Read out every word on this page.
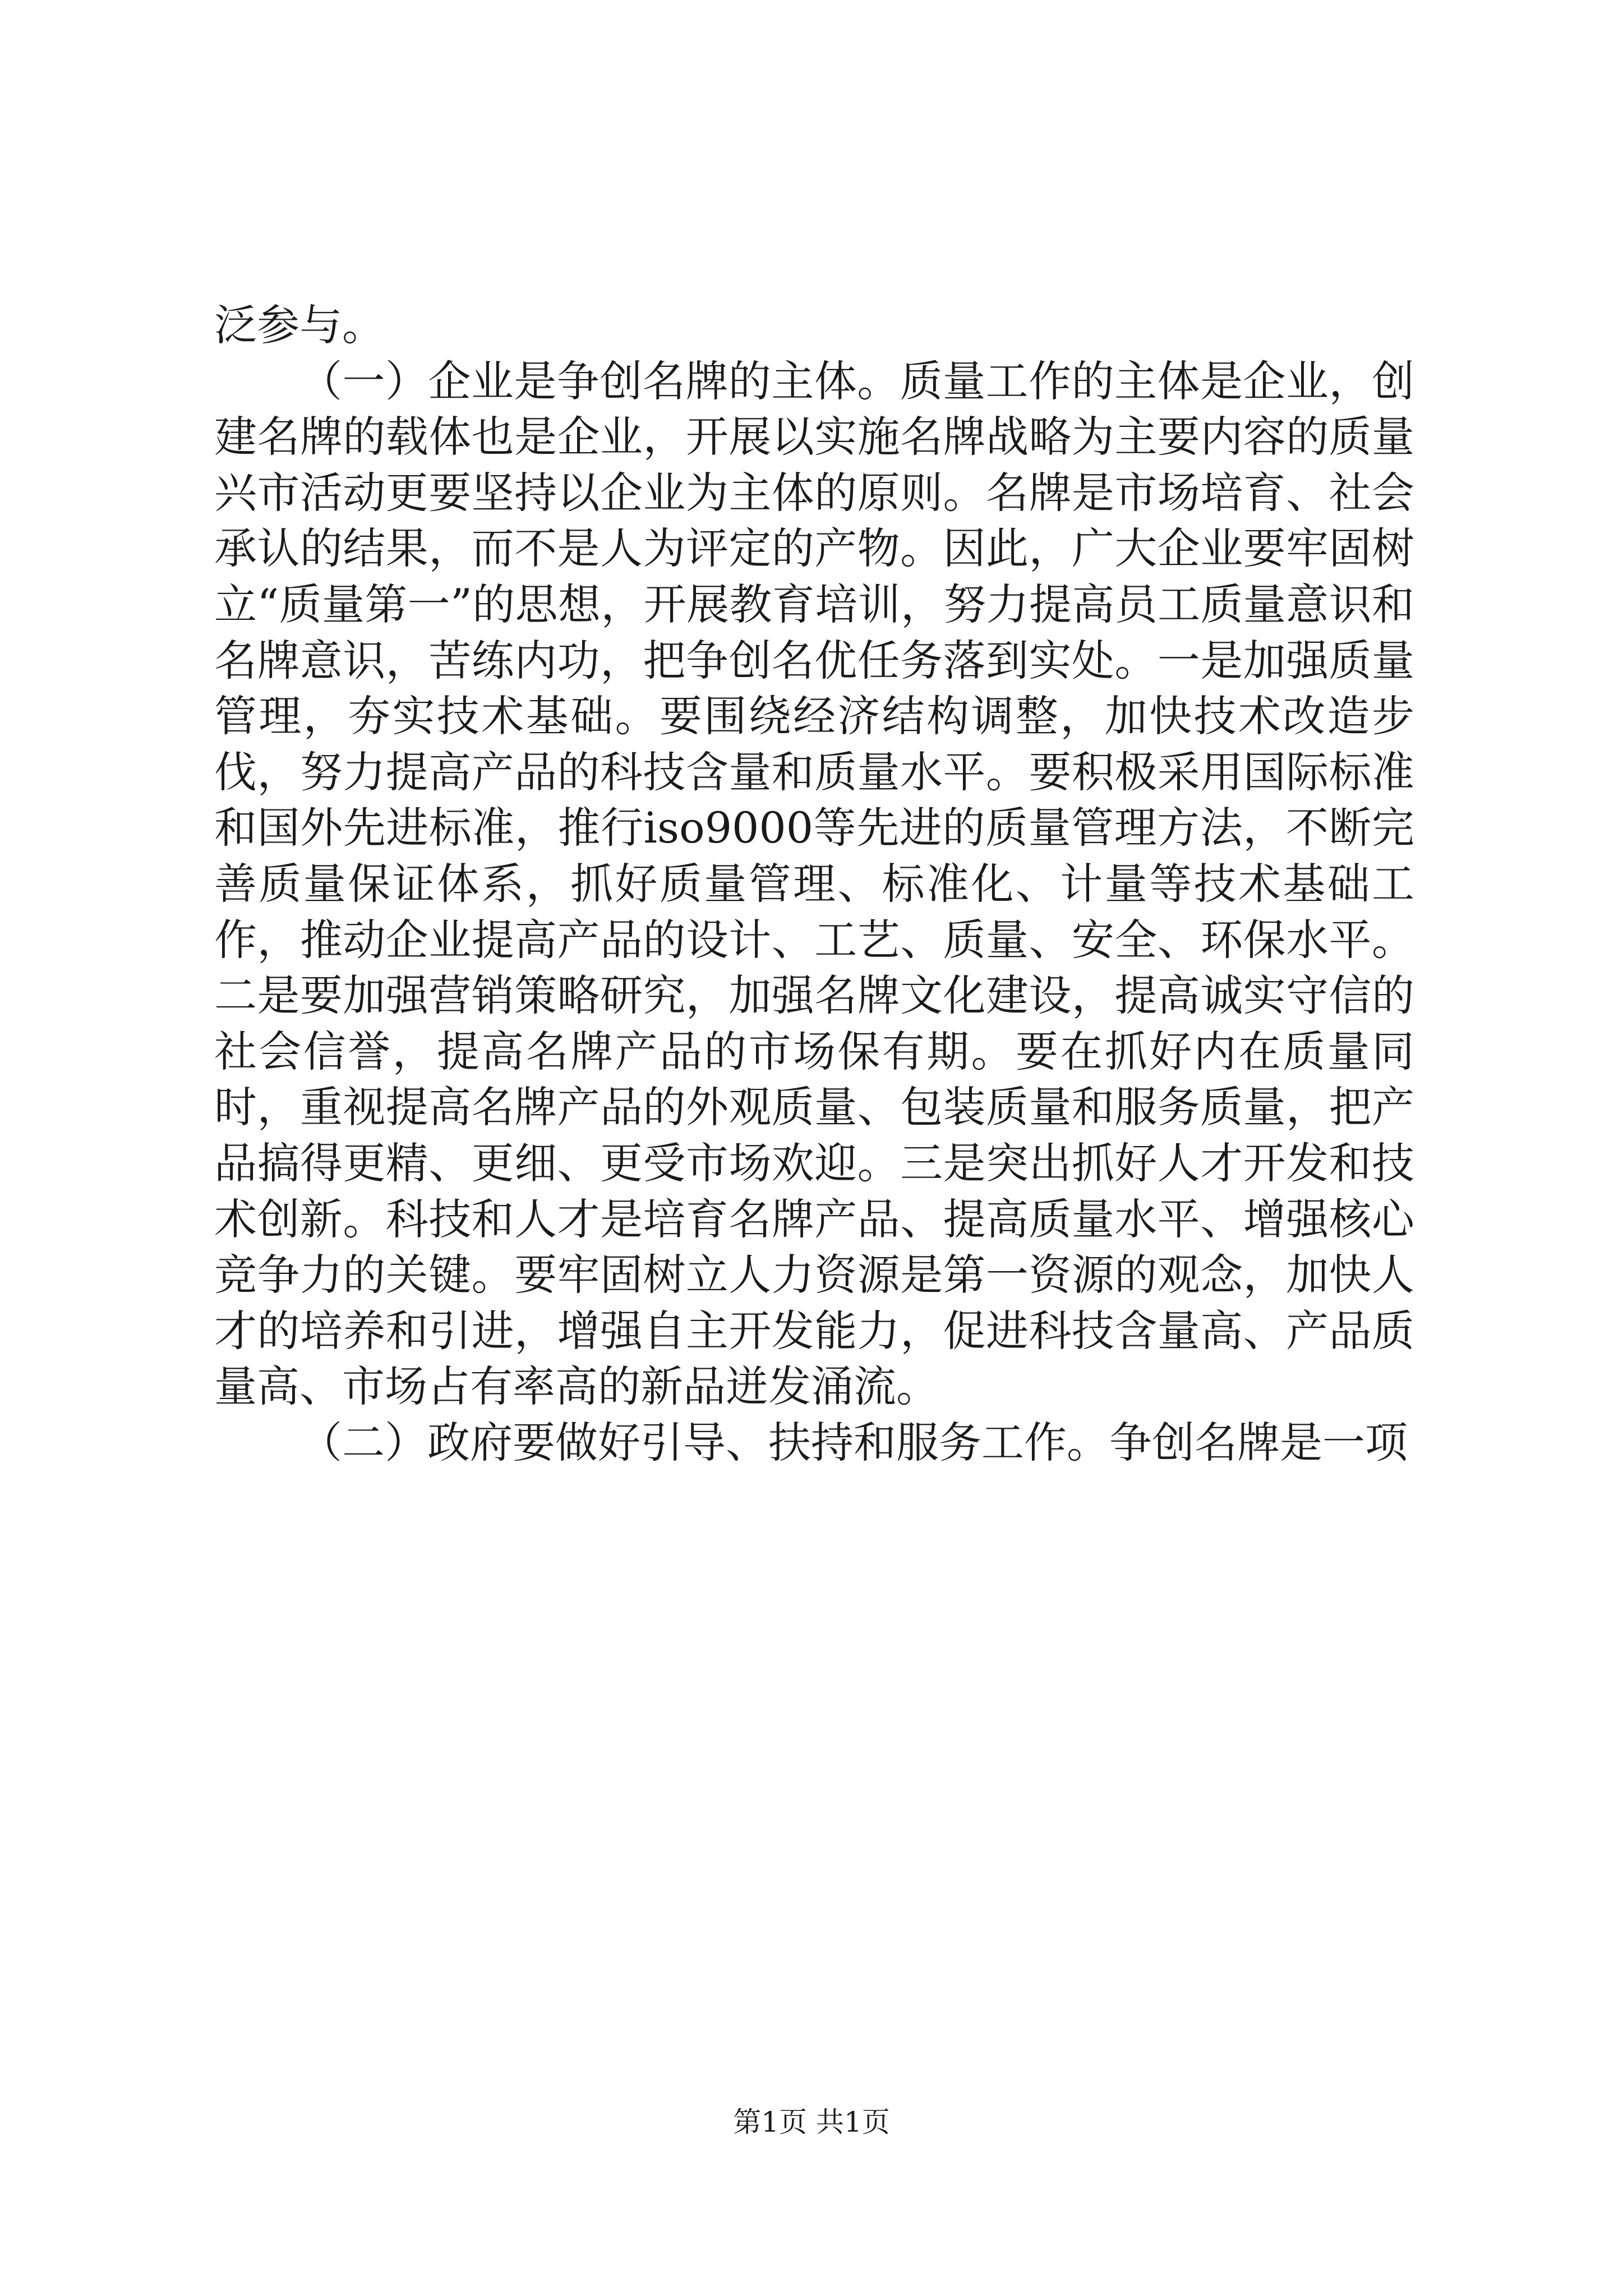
泛参与。

（一）企业是争创名牌的主体。质量工作的主体是企业，创建名牌的载体也是企业，开展以实施名牌战略为主要内容的质量兴市活动更要坚持以企业为主体的原则。名牌是市场培育、社会承认的结果，而不是人为评定的产物。因此，广大企业要牢固树立“质量第一”的思想，开展教育培训，努力提高员工质量意识和名牌意识，苦练内功，把争创名优任务落到实处。一是加强质量管理，夯实技术基础。要围绕经济结构调整，加快技术改造步伐，努力提高产品的科技含量和质量水平。要积极采用国际标准和国外先进标准，推行iso9000等先进的质量管理方法，不断完善质量保证体系，抓好质量管理、标准化、计量等技术基础工作，推动企业提高产品的设计、工艺、质量、安全、环保水平。二是要加强营销策略研究，加强名牌文化建设，提高诚实守信的社会信誉，提高名牌产品的市场保有期。要在抓好内在质量同时，重视提高名牌产品的外观质量、包装质量和服务质量，把产品搞得更精、更细、更受市场欢迎。三是突出抓好人才开发和技术创新。科技和人才是培育名牌产品、提高质量水平、增强核心竞争力的关键。要牢固树立人力资源是第一资源的观念，加快人才的培养和引进，增强自主开发能力，促进科技含量高、产品质量高、市场占有率高的新品迸发涌流。

（二）政府要做好引导、扶持和服务工作。争创名牌是一项

第1页 共1页
